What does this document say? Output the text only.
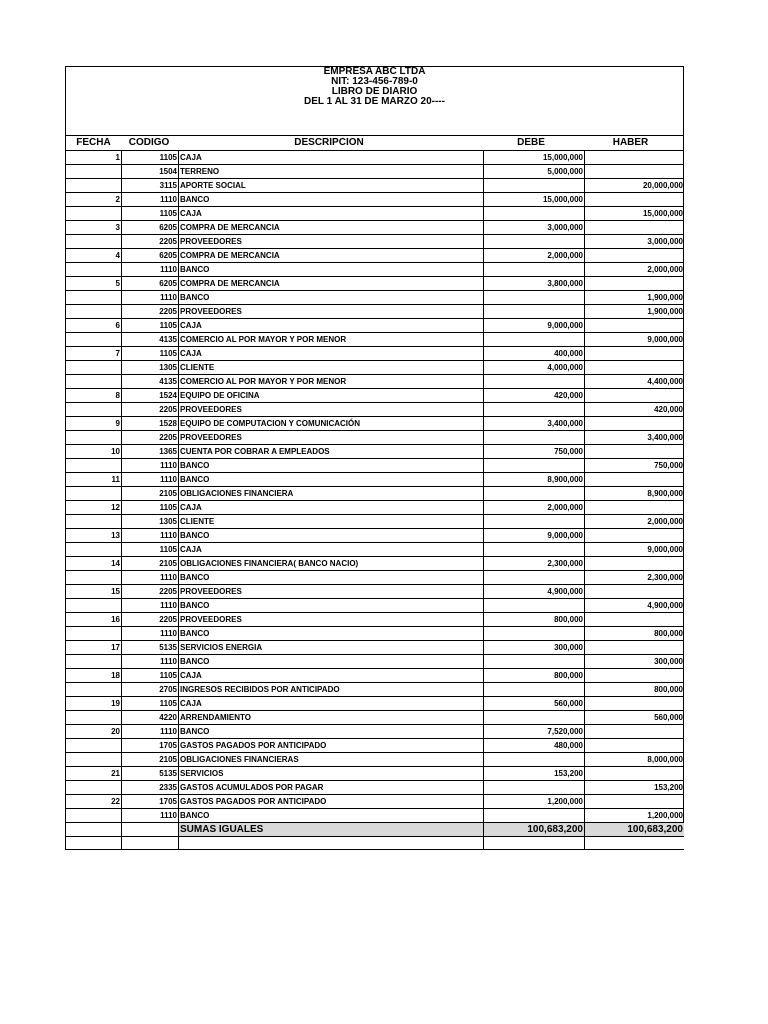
EMPRESA ABC LTDA
NIT: 123-456-789-0
LIBRO DE DIARIO
DEL 1 AL 31 DE MARZO 20----
FECHA	CODIGO	DESCRIPCION	DEBE	HABER
1	1105	CAJA	15,000,000	
	1504	TERRENO	5,000,000	
	3115	APORTE SOCIAL		20,000,000
2	1110	BANCO	15,000,000	
	1105	CAJA		15,000,000
3	6205	COMPRA DE MERCANCIA	3,000,000	
	2205	PROVEEDORES		3,000,000
4	6205	COMPRA DE MERCANCIA	2,000,000	
	1110	BANCO		2,000,000
5	6205	COMPRA DE MERCANCIA	3,800,000	
	1110	BANCO		1,900,000
	2205	PROVEEDORES		1,900,000
6	1105	CAJA	9,000,000	
	4135	COMERCIO AL POR MAYOR Y POR MENOR		9,000,000
7	1105	CAJA	400,000	
	1305	CLIENTE	4,000,000	
	4135	COMERCIO AL POR MAYOR Y POR MENOR		4,400,000
8	1524	EQUIPO DE OFICINA	420,000	
	2205	PROVEEDORES		420,000
9	1528	EQUIPO DE COMPUTACION Y COMUNICACIÓN	3,400,000	
	2205	PROVEEDORES		3,400,000
10	1365	CUENTA POR COBRAR A EMPLEADOS	750,000	
	1110	BANCO		750,000
11	1110	BANCO	8,900,000	
	2105	OBLIGACIONES FINANCIERA		8,900,000
12	1105	CAJA	2,000,000	
	1305	CLIENTE		2,000,000
13	1110	BANCO	9,000,000	
	1105	CAJA		9,000,000
14	2105	OBLIGACIONES FINANCIERA( BANCO NACIO)	2,300,000	
	1110	BANCO		2,300,000
15	2205	PROVEEDORES	4,900,000	
	1110	BANCO		4,900,000
16	2205	PROVEEDORES	800,000	
	1110	BANCO		800,000
17	5135	SERVICIOS ENERGIA	300,000	
	1110	BANCO		300,000
18	1105	CAJA	800,000	
	2705	INGRESOS RECIBIDOS POR ANTICIPADO		800,000
19	1105	CAJA	560,000	
	4220	ARRENDAMIENTO		560,000
20	1110	BANCO	7,520,000	
	1705	GASTOS PAGADOS POR ANTICIPADO	480,000	
	2105	OBLIGACIONES FINANCIERAS		8,000,000
21	5135	SERVICIOS	153,200	
	2335	GASTOS ACUMULADOS POR PAGAR		153,200
22	1705	GASTOS PAGADOS POR ANTICIPADO	1,200,000	
	1110	BANCO		1,200,000
		SUMAS IGUALES	100,683,200	100,683,200
